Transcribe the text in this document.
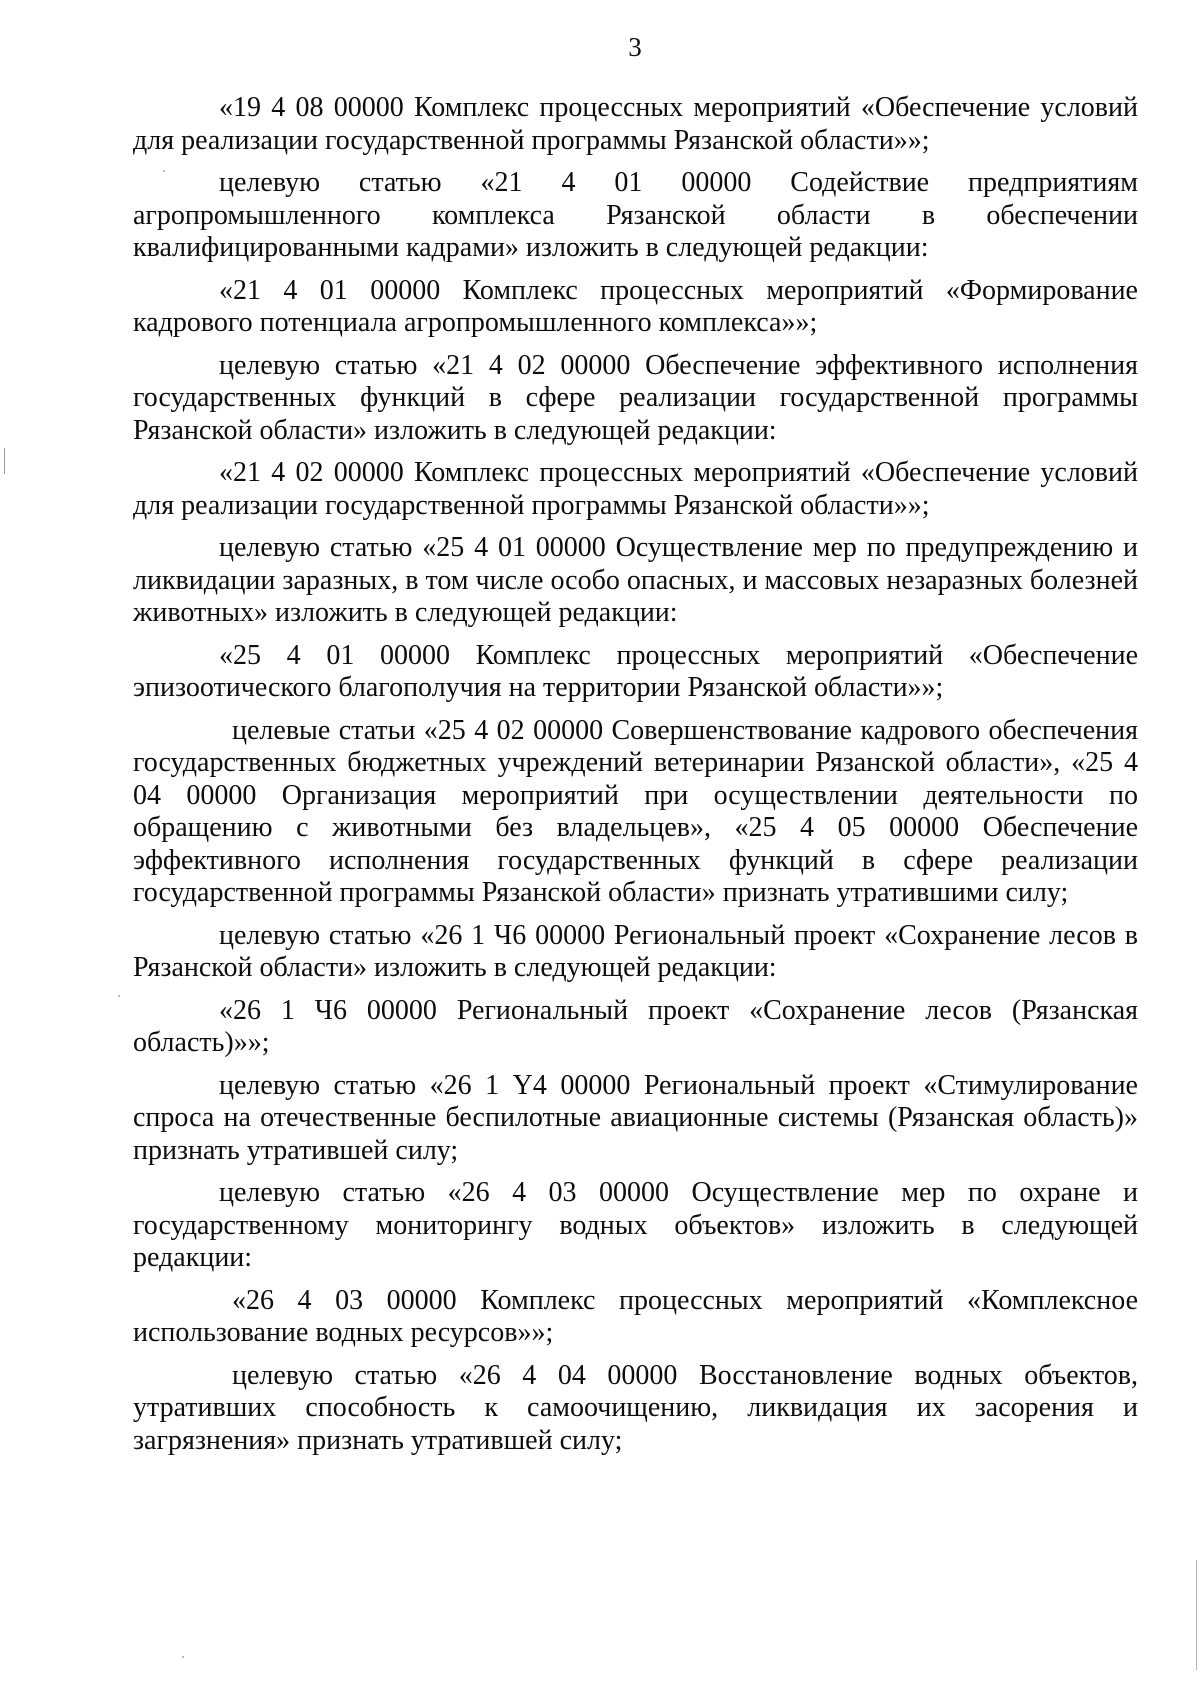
3

«19 4 08 00000 Комплекс процессных мероприятий «Обеспечение условий для реализации государственной программы Рязанской области»»;

целевую статью «21 4 01 00000 Содействие предприятиям агропромышленного комплекса Рязанской области в обеспечении квалифицированными кадрами» изложить в следующей редакции:

«21 4 01 00000 Комплекс процессных мероприятий «Формирование кадрового потенциала агропромышленного комплекса»»;

целевую статью «21 4 02 00000 Обеспечение эффективного исполнения государственных функций в сфере реализации государственной программы Рязанской области» изложить в следующей редакции:

«21 4 02 00000 Комплекс процессных мероприятий «Обеспечение условий для реализации государственной программы Рязанской области»»;

целевую статью «25 4 01 00000 Осуществление мер по предупреждению и ликвидации заразных, в том числе особо опасных, и массовых незаразных болезней животных» изложить в следующей редакции:

«25 4 01 00000 Комплекс процессных мероприятий «Обеспечение эпизоотического благополучия на территории Рязанской области»»;

целевые статьи «25 4 02 00000 Совершенствование кадрового обеспечения государственных бюджетных учреждений ветеринарии Рязанской области», «25 4 04 00000 Организация мероприятий при осуществлении деятельности по обращению с животными без владельцев», «25 4 05 00000 Обеспечение эффективного исполнения государственных функций в сфере реализации государственной программы Рязанской области» признать утратившими силу;

целевую статью «26 1 Ч6 00000 Региональный проект «Сохранение лесов в Рязанской области» изложить в следующей редакции:

«26 1 Ч6 00000 Региональный проект «Сохранение лесов (Рязанская область)»»;

целевую статью «26 1 Y4 00000 Региональный проект «Стимулирование спроса на отечественные беспилотные авиационные системы (Рязанская область)» признать утратившей силу;

целевую статью «26 4 03 00000 Осуществление мер по охране и государственному мониторингу водных объектов» изложить в следующей редакции:

«26 4 03 00000 Комплекс процессных мероприятий «Комплексное использование водных ресурсов»»;

целевую статью «26 4 04 00000 Восстановление водных объектов, утративших способность к самоочищению, ликвидация их засорения и загрязнения» признать утратившей силу;
